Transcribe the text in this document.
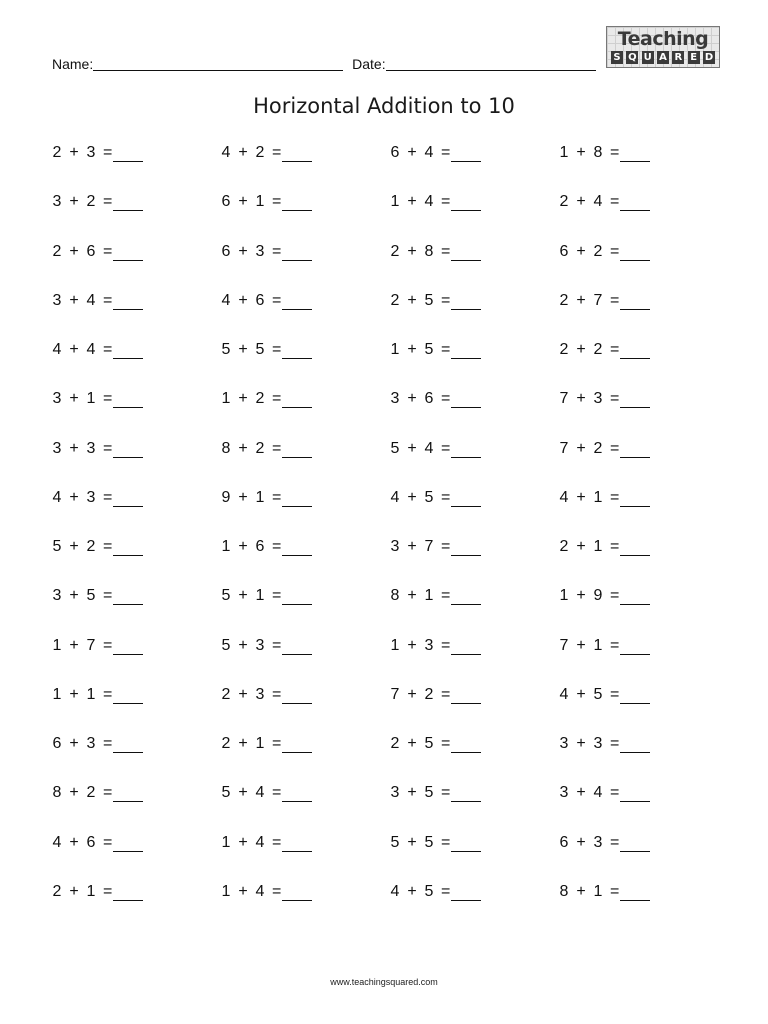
Name:	Date:
Teaching
S Q U A R E D
Horizontal Addition to 10
2 + 3 =	4 + 2 =	6 + 4 =	1 + 8 =
3 + 2 =	6 + 1 =	1 + 4 =	2 + 4 =
2 + 6 =	6 + 3 =	2 + 8 =	6 + 2 =
3 + 4 =	4 + 6 =	2 + 5 =	2 + 7 =
4 + 4 =	5 + 5 =	1 + 5 =	2 + 2 =
3 + 1 =	1 + 2 =	3 + 6 =	7 + 3 =
3 + 3 =	8 + 2 =	5 + 4 =	7 + 2 =
4 + 3 =	9 + 1 =	4 + 5 =	4 + 1 =
5 + 2 =	1 + 6 =	3 + 7 =	2 + 1 =
3 + 5 =	5 + 1 =	8 + 1 =	1 + 9 =
1 + 7 =	5 + 3 =	1 + 3 =	7 + 1 =
1 + 1 =	2 + 3 =	7 + 2 =	4 + 5 =
6 + 3 =	2 + 1 =	2 + 5 =	3 + 3 =
8 + 2 =	5 + 4 =	3 + 5 =	3 + 4 =
4 + 6 =	1 + 4 =	5 + 5 =	6 + 3 =
2 + 1 =	1 + 4 =	4 + 5 =	8 + 1 =
www.teachingsquared.com
